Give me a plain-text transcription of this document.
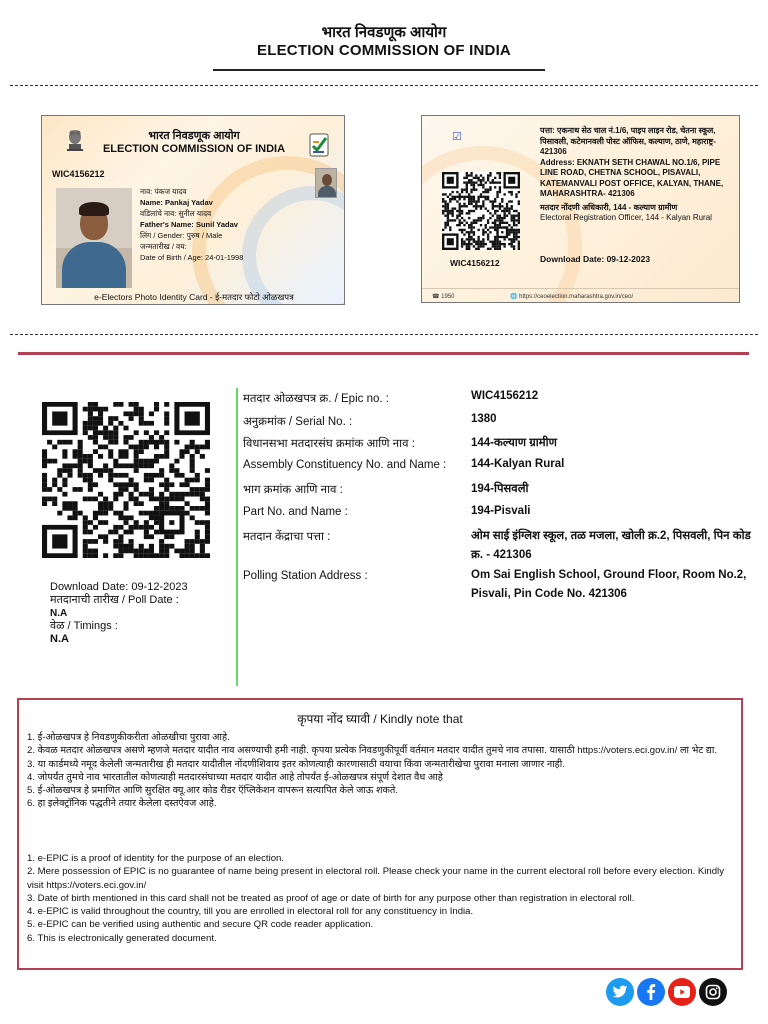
भारत निवडणूक आयोग
ELECTION COMMISSION OF INDIA
भारत निवडणूक आयोग
ELECTION COMMISSION OF INDIA
WIC4156212
नाव: पंकज यादव
Name: Pankaj Yadav
वडिलांचे नाव: सुनील यादव
Father's Name: Sunil Yadav
लिंग / Gender: पुरुष / Male
जन्मतारीख / वय:
Date of Birth / Age: 24-01-1998
e-Electors Photo Identity Card - ई-मतदार फोटो ओळखपत्र
☑
पत्ता: एकनाथ सेठ चाल नं.1/6, पाइप लाइन रोड, चेतना स्कूल, पिसावली, कटेमानवली पोस्ट ऑफिस, कल्याण, ठाणे, महाराष्ट्र- 421306
Address: EKNATH SETH CHAWAL NO.1/6, PIPE LINE ROAD, CHETNA SCHOOL, PISAVALI, KATEMANVALI POST OFFICE, KALYAN, THANE, MAHARASHTRA- 421306
मतदार नोंदणी अधिकारी, 144 - कल्याण ग्रामीण
Electoral Registration Officer, 144 - Kalyan Rural
WIC4156212	Download Date: 09-12-2023
☎ 1950	🌐 https://ceoelection.maharashtra.gov.in/ceo/
Download Date: 09-12-2023
मतदानाची तारीख / Poll Date :
N.A
वेळ / Timings :
N.A
मतदार ओळखपत्र क्र. / Epic no. :	WIC4156212
अनुक्रमांक / Serial No. :	1380
विधानसभा मतदारसंघ क्रमांक आणि नाव :	144-कल्याण ग्रामीण
Assembly Constituency No. and Name : 144-Kalyan Rural
भाग क्रमांक आणि नाव :	194-पिसवली
Part No. and Name :	194-Pisvali
मतदान केंद्राचा पत्ता :	ओम साई इंग्लिश स्कूल, तळ मजला, खोली क्र.2, पिसवली, पिन कोड क्र. - 421306
Polling Station Address :	Om Sai English School, Ground Floor, Room No.2, Pisvali, Pin Code No. 421306
कृपया नोंद घ्यावी / Kindly note that
1. ई-ओळखपत्र हे निवडणुकीकरीता ओळखीचा पुरावा आहे.
2. केवळ मतदार ओळखपत्र असणे म्हणजे मतदार यादीत नाव असण्याची हमी नाही. कृपया प्रत्येक निवडणुकीपूर्वी वर्तमान मतदार यादीत तुमचे नाव तपासा. यासाठी https://voters.eci.gov.in/ ला भेट द्या.
3. या कार्डमध्ये नमूद केलेली जन्मतारीख ही मतदार यादीतील नोंदणीशिवाय इतर कोणत्याही कारणासाठी वयाचा किंवा जन्मतारीखेचा पुरावा मनाला जाणार नाही.
4. जोपर्यंत तुमचे नाव भारतातील कोणत्याही मतदारसंघाच्या मतदार यादीत आहे तोपर्यंत ई-ओळखपत्र संपूर्ण देशात वैध आहे
5. ई-ओळखपत्र हे प्रमाणित आणि सुरक्षित क्यू.आर कोड रीडर ऍप्लिकेशन वापरून सत्यापित केले जाऊ शकते.
6. हा इलेक्ट्रॉनिक पद्धतीने तयार केलेला दस्तऐवज आहे.
1. e-EPIC is a proof of identity for the purpose of an election.
2. Mere possession of EPIC is no guarantee of name being present in electoral roll. Please check your name in the current electoral roll before every election. Kindly visit https://voters.eci.gov.in/
3. Date of birth mentioned in this card shall not be treated as proof of age or date of birth for any purpose other than registration in electoral roll.
4. e-EPIC is valid throughout the country, till you are enrolled in electoral roll for any constituency in India.
5. e-EPIC can be verified using authentic and secure QR code reader application.
6. This is electronically generated document.
